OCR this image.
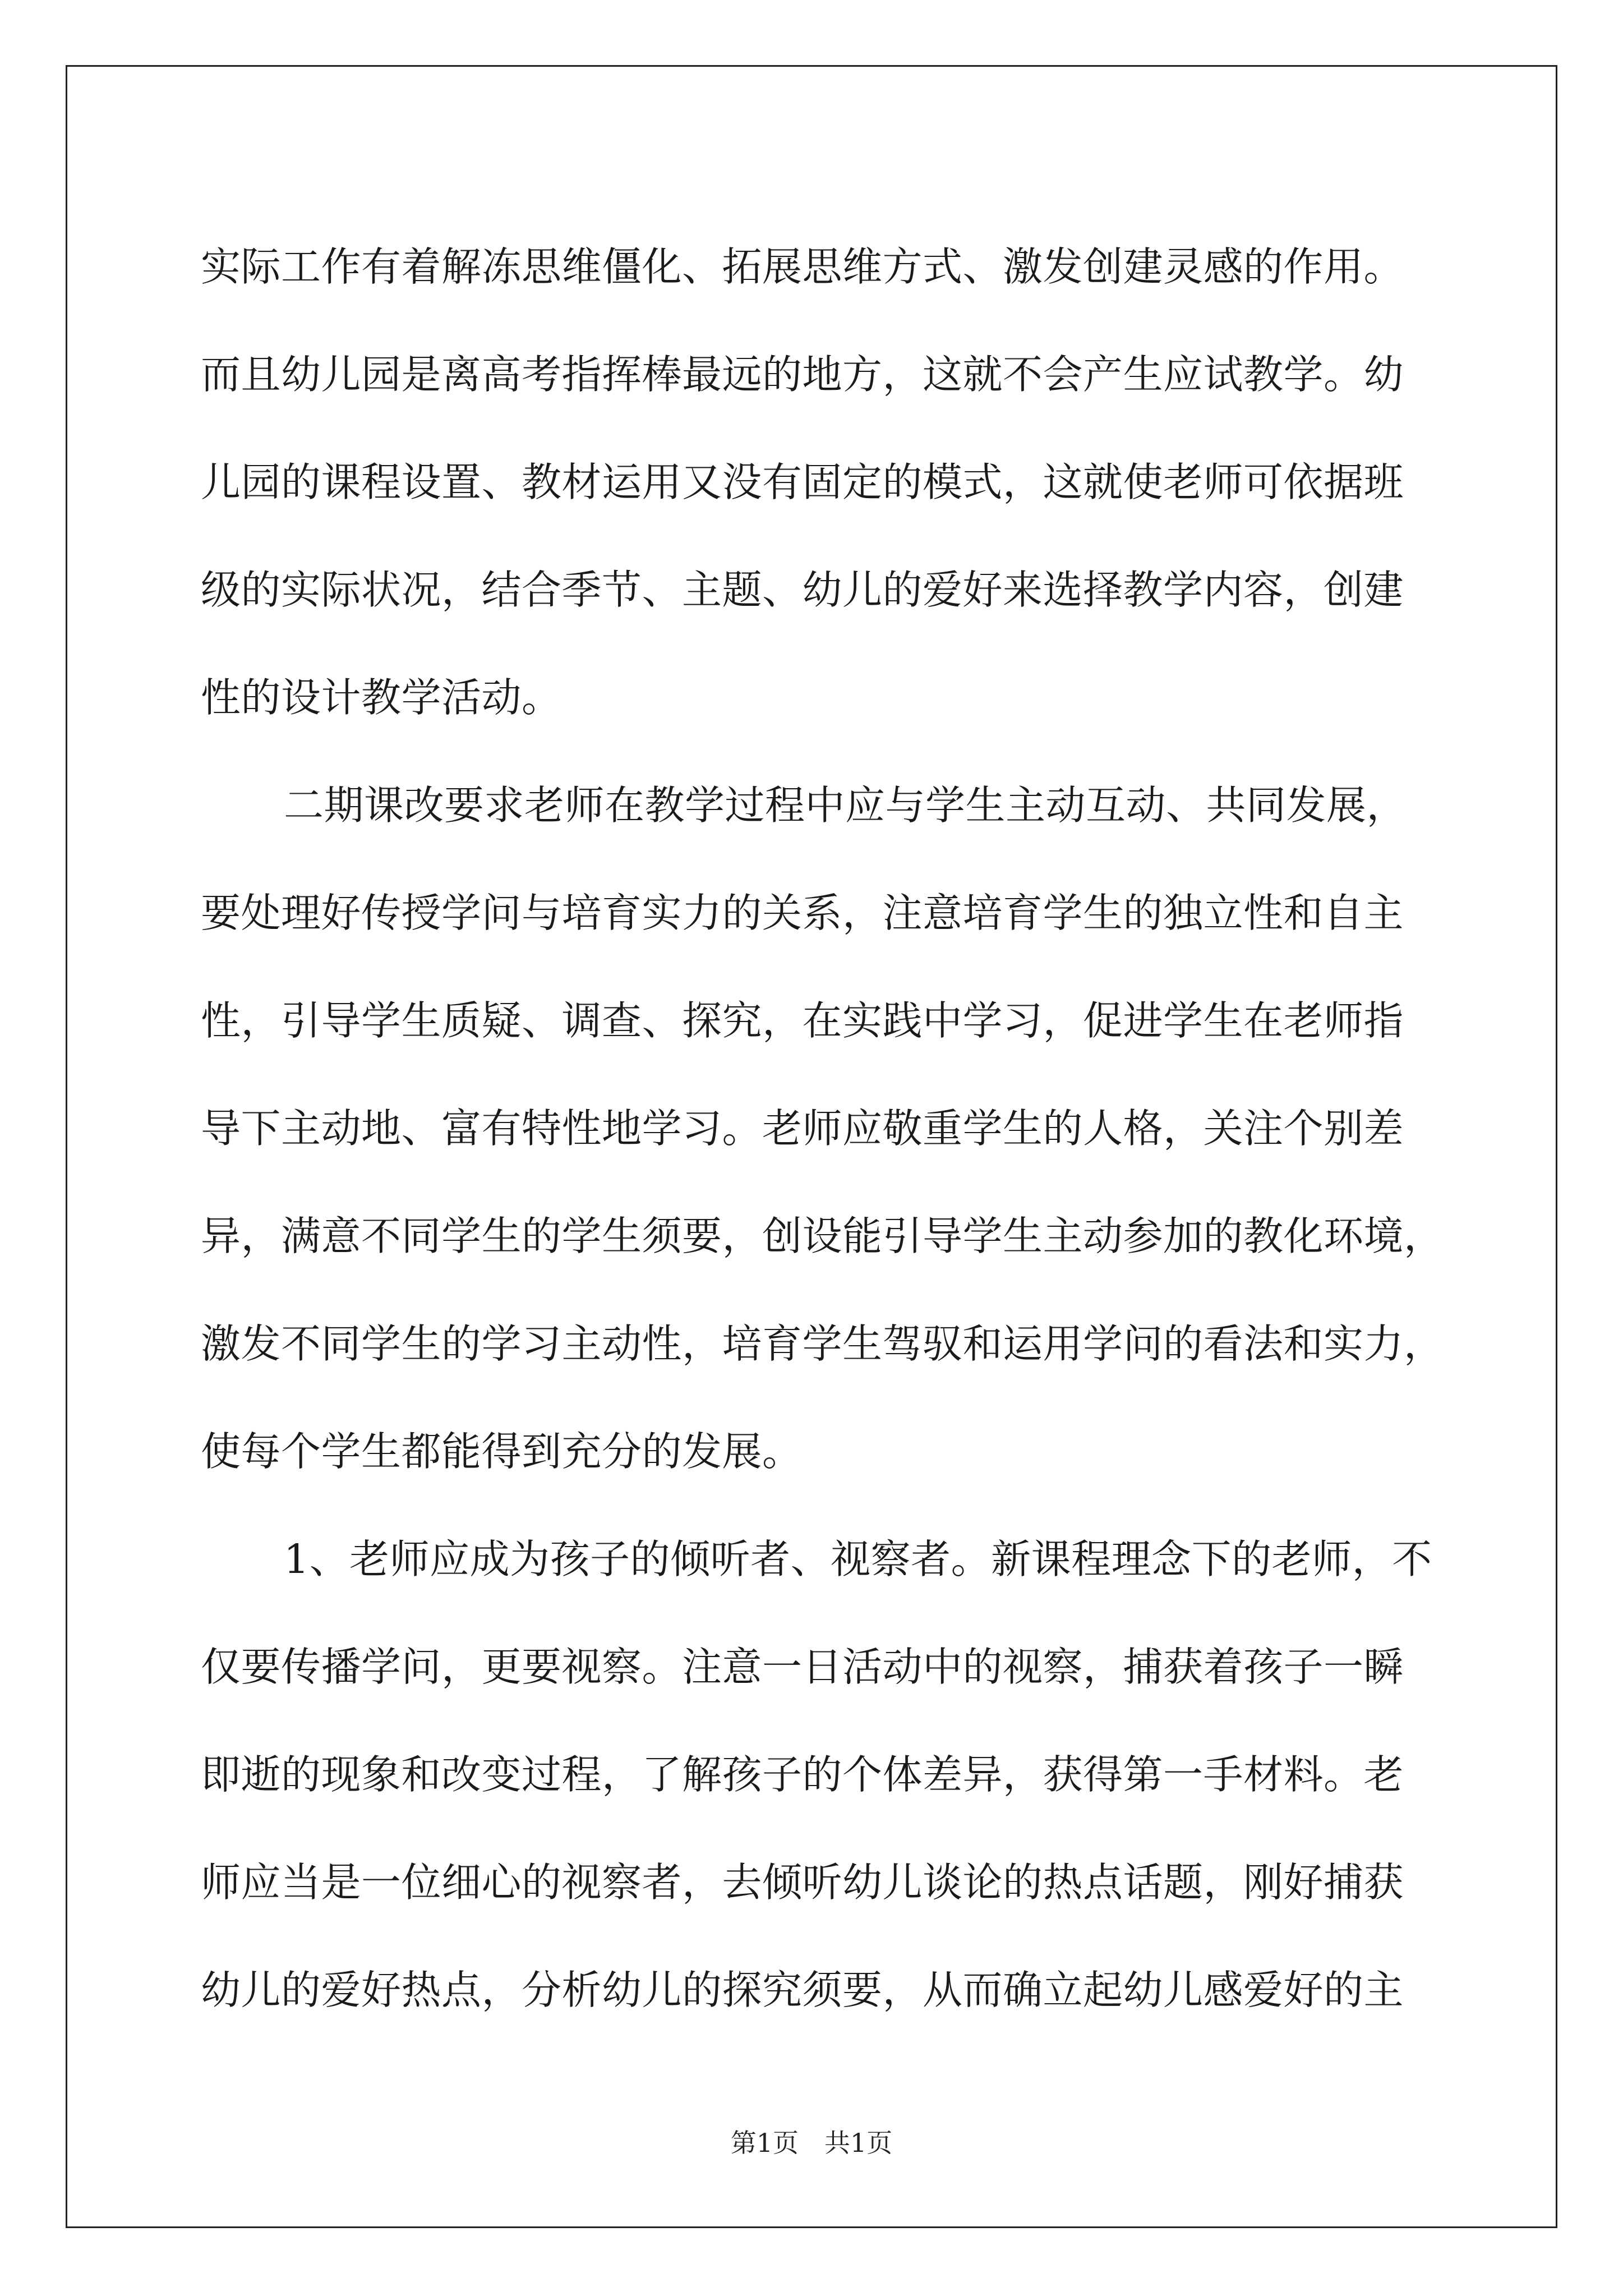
实际工作有着解冻思维僵化、拓展思维方式、激发创建灵感的作用。
而且幼儿园是离高考指挥棒最远的地方，这就不会产生应试教学。幼
儿园的课程设置、教材运用又没有固定的模式，这就使老师可依据班
级的实际状况，结合季节、主题、幼儿的爱好来选择教学内容，创建
性的设计教学活动。
二期课改要求老师在教学过程中应与学生主动互动、共同发展，
要处理好传授学问与培育实力的关系，注意培育学生的独立性和自主
性，引导学生质疑、调查、探究，在实践中学习，促进学生在老师指
导下主动地、富有特性地学习。老师应敬重学生的人格，关注个别差
异，满意不同学生的学生须要，创设能引导学生主动参加的教化环境，
激发不同学生的学习主动性，培育学生驾驭和运用学问的看法和实力，
使每个学生都能得到充分的发展。
1、老师应成为孩子的倾听者、视察者。新课程理念下的老师，不
仅要传播学问，更要视察。注意一日活动中的视察，捕获着孩子一瞬
即逝的现象和改变过程，了解孩子的个体差异，获得第一手材料。老
师应当是一位细心的视察者，去倾听幼儿谈论的热点话题，刚好捕获
幼儿的爱好热点，分析幼儿的探究须要，从而确立起幼儿感爱好的主
第1页　共1页
